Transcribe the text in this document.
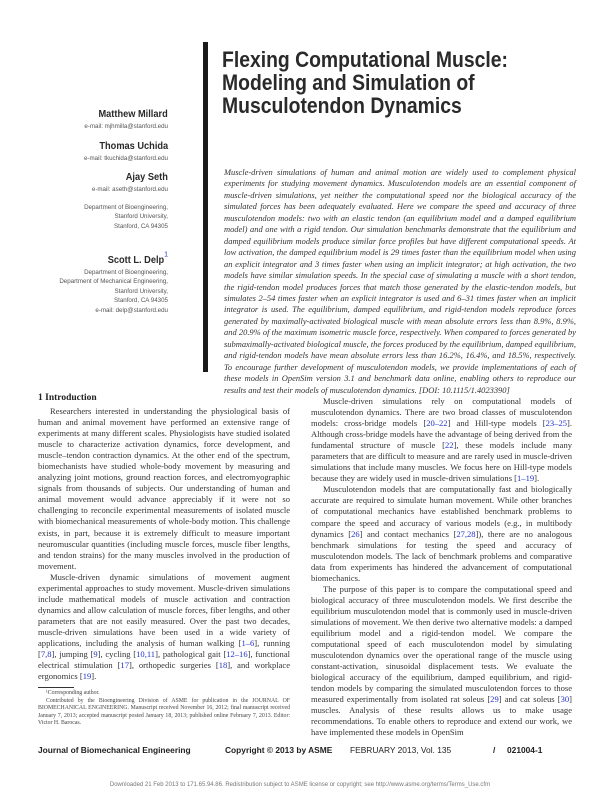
Flexing Computational Muscle:
Modeling and Simulation of
Musculotendon Dynamics
Matthew Millard
e-mail: mjhmilla@stanford.edu
Thomas Uchida
e-mail: tkuchida@stanford.edu
Ajay Seth
e-mail: aseth@stanford.edu
Department of Bioengineering,
Stanford University,
Stanford, CA 94305
Scott L. Delp$^1$
Department of Bioengineering,
Department of Mechanical Engineering,
Stanford University,
Stanford, CA 94305
e-mail: delp@stanford.edu
Muscle-driven simulations of human and animal motion are widely used to complement physical experiments for studying movement dynamics. Musculotendon models are an essential component of muscle-driven simulations, yet neither the computational speed nor the biological accuracy of the simulated forces has been adequately evaluated. Here we compare the speed and accuracy of three musculotendon models: two with an elastic tendon (an equilibrium model and a damped equilibrium model) and one with a rigid tendon. Our simulation benchmarks demonstrate that the equilibrium and damped equilibrium models produce similar force profiles but have different computational speeds. At low activation, the damped equilibrium model is 29 times faster than the equilibrium model when using an explicit integrator and 3 times faster when using an implicit integrator; at high activation, the two models have similar simulation speeds. In the special case of simulating a muscle with a short tendon, the rigid-tendon model produces forces that match those generated by the elastic-tendon models, but simulates 2–54 times faster when an explicit integrator is used and 6–31 times faster when an implicit integrator is used. The equilibrium, damped equilibrium, and rigid-tendon models reproduce forces generated by maximally-activated biological muscle with mean absolute errors less than 8.9%, 8.9%, and 20.9% of the maximum isometric muscle force, respectively. When compared to forces generated by submaximally-activated biological muscle, the forces produced by the equilibrium, damped equilibrium, and rigid-tendon models have mean absolute errors less than 16.2%, 16.4%, and 18.5%, respectively. To encourage further development of musculotendon models, we provide implementations of each of these models in OpenSim version 3.1 and benchmark data online, enabling others to reproduce our results and test their models of musculotendon dynamics. [DOI: 10.1115/1.4023390]
1 Introduction

Researchers interested in understanding the physiological basis of human and animal movement have performed an extensive range of experiments at many different scales. Physiologists have studied isolated muscle to characterize activation dynamics, force development, and muscle–tendon contraction dynamics. At the other end of the spectrum, biomechanists have studied whole-body movement by measuring and analyzing joint motions, ground reaction forces, and electromyographic signals from thousands of subjects. Our understanding of human and animal movement would advance appreciably if it were not so challenging to reconcile experimental measurements of isolated muscle with biomechanical measurements of whole-body motion. This challenge exists, in part, because it is extremely difficult to measure important neuromuscular quantities (including muscle forces, muscle fiber lengths, and tendon strains) for the many muscles involved in the production of movement.

Muscle-driven dynamic simulations of movement augment experimental approaches to study movement. Muscle-driven simulations include mathematical models of muscle activation and contraction dynamics and allow calculation of muscle forces, fiber lengths, and other parameters that are not easily measured. Over the past two decades, muscle-driven simulations have been used in a wide variety of applications, including the analysis of human walking [1–6], running [7,8], jumping [9], cycling [10,11], pathological gait [12–16], functional electrical stimulation [17], orthopedic surgeries [18], and workplace ergonomics [19].

Muscle-driven simulations rely on computational models of musculotendon dynamics. There are two broad classes of musculotendon models: cross-bridge models [20–22] and Hill-type models [23–25]. Although cross-bridge models have the advantage of being derived from the fundamental structure of muscle [22], these models include many parameters that are difficult to measure and are rarely used in muscle-driven simulations that include many muscles. We focus here on Hill-type models because they are widely used in muscle-driven simulations [1–19].

Musculotendon models that are computationally fast and biologically accurate are required to simulate human movement. While other branches of computational mechanics have established benchmark problems to compare the speed and accuracy of various models (e.g., in multibody dynamics [26] and contact mechanics [27,28]), there are no analogous benchmark simulations for testing the speed and accuracy of musculotendon models. The lack of benchmark problems and comparative data from experiments has hindered the advancement of computational biomechanics.

The purpose of this paper is to compare the computational speed and biological accuracy of three musculotendon models. We first describe the equilibrium musculotendon model that is commonly used in muscle-driven simulations of movement. We then derive two alternative models: a damped equilibrium model and a rigid-tendon model. We compare the computational speed of each musculotendon model by simulating musculotendon dynamics over the operational range of the muscle using constant-activation, sinusoidal displacement tests. We evaluate the biological accuracy of the equilibrium, damped equilibrium, and rigid-tendon models by comparing the simulated musculotendon forces to those measured experimentally from isolated rat soleus [29] and cat soleus [30] muscles. Analysis of these results allows us to make usage recommendations. To enable others to reproduce and extend our work, we have implemented these models in OpenSim

¹Corresponding author.

Contributed by the Bioengineering Division of ASME for publication in the JOURNAL OF BIOMECHANICAL ENGINEERING. Manuscript received November 16, 2012; final manuscript received January 7, 2013; accepted manuscript posted January 18, 2013; published online February 7, 2013. Editor: Victor H. Barocas.

Journal of Biomechanical Engineering	Copyright © 2013 by ASME FEBRUARY 2013, Vol. 135	/ 021004-1
Downloaded 21 Feb 2013 to 171.65.94.86. Redistribution subject to ASME license or copyright; see http://www.asme.org/terms/Terms_Use.cfm
